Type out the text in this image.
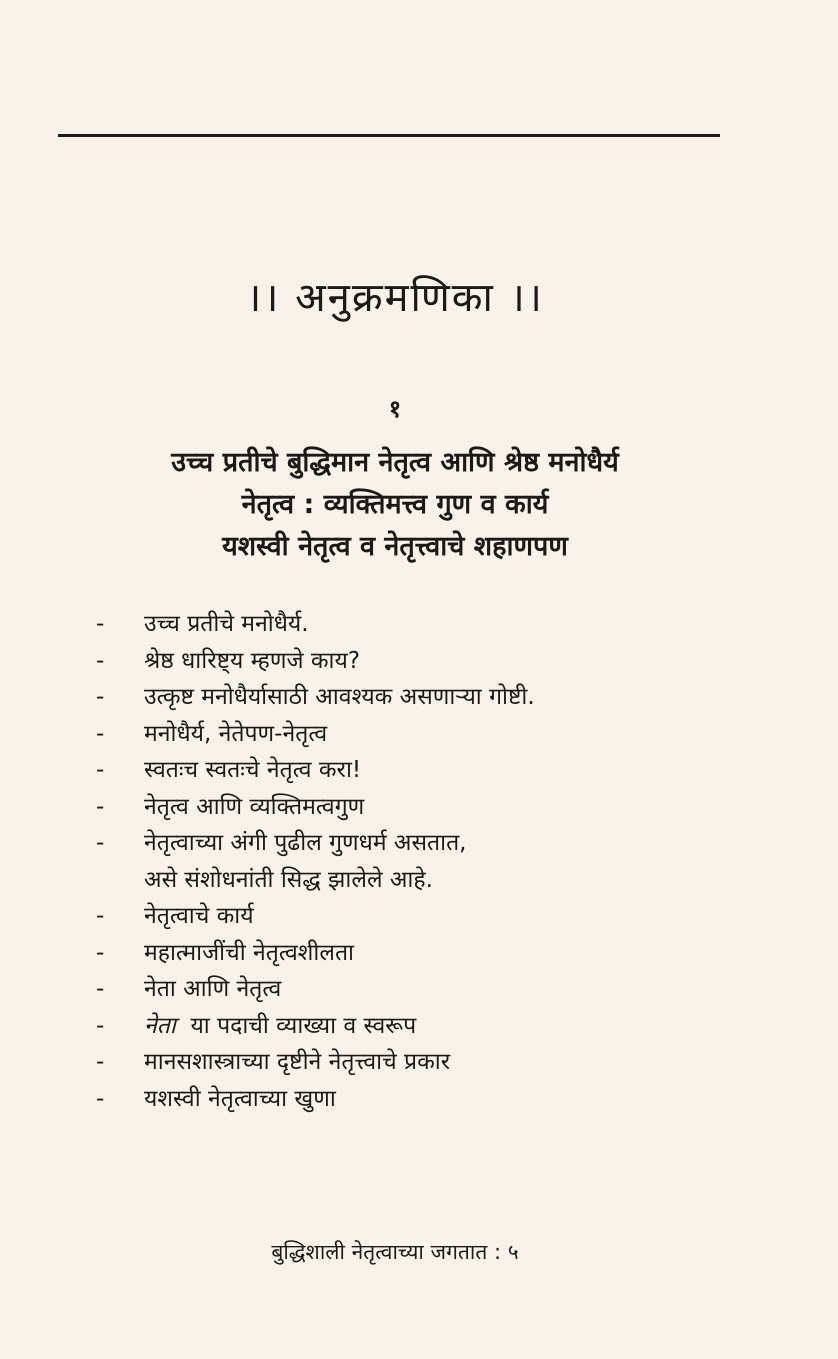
।। अनुक्रमणिका ।।
१
उच्च प्रतीचे बुद्धिमान नेतृत्व आणि श्रेष्ठ मनोधैर्य
नेतृत्व : व्यक्तिमत्त्व गुण व कार्य
यशस्वी नेतृत्व व नेतृत्त्वाचे शहाणपण
-	उच्च प्रतीचे मनोधैर्य.
-	श्रेष्ठ धारिष्ट्य म्हणजे काय?
-	उत्कृष्ट मनोधैर्यासाठी आवश्यक असणाऱ्या गोष्टी.
-	मनोधैर्य, नेतेपण-नेतृत्व
-	स्वतःच स्वतःचे नेतृत्व करा!
-	नेतृत्व आणि व्यक्तिमत्वगुण
-	नेतृत्वाच्या अंगी पुढील गुणधर्म असतात,
असे संशोधनांती सिद्ध झालेले आहे.
-	नेतृत्वाचे कार्य
-	महात्माजींची नेतृत्वशीलता
-	नेता आणि नेतृत्व
-	नेता या पदाची व्याख्या व स्वरूप
-	मानसशास्त्राच्या दृष्टीने नेतृत्त्वाचे प्रकार
-	यशस्वी नेतृत्वाच्या खुणा
बुद्धिशाली नेतृत्वाच्या जगतात : ५
